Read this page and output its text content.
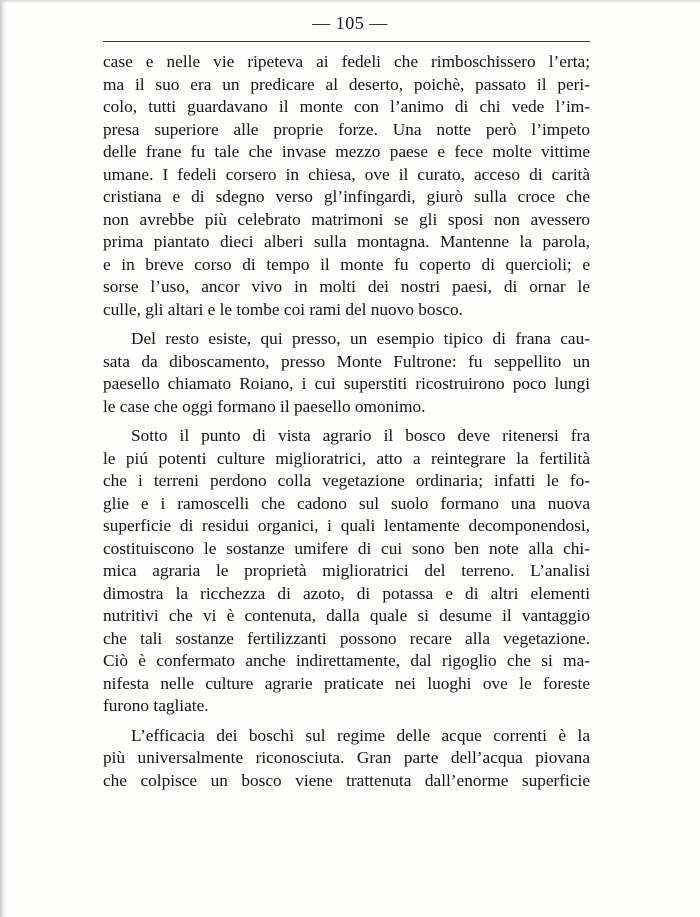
— 105 —
case e nelle vie ripeteva ai fedeli che rimboschissero l’erta;
ma il suo era un predicare al deserto, poichè, passato il peri-
colo, tutti guardavano il monte con l’animo di chi vede l’im-
presa superiore alle proprie forze. Una notte però l’impeto
delle frane fu tale che invase mezzo paese e fece molte vittime
umane. I fedeli corsero in chiesa, ove il curato, acceso di carità
cristiana e di sdegno verso gl’infingardi, giurò sulla croce che
non avrebbe più celebrato matrimoni se gli sposi non avessero
prima piantato dieci alberi sulla montagna. Mantenne la parola,
e in breve corso di tempo il monte fu coperto di quercioli; e
sorse l’uso, ancor vivo in molti dei nostri paesi, di ornar le
culle, gli altari e le tombe coi rami del nuovo bosco.
Del resto esiste, qui presso, un esempio tipico di frana cau-
sata da diboscamento, presso Monte Fultrone: fu seppellito un
paesello chiamato Roiano, i cui superstiti ricostruirono poco lungi
le case che oggi formano il paesello omonimo.
Sotto il punto di vista agrario il bosco deve ritenersi fra
le piú potenti culture miglioratrici, atto a reintegrare la fertilità
che i terreni perdono colla vegetazione ordinaria; infatti le fo-
glie e i ramoscelli che cadono sul suolo formano una nuova
superficie di residui organici, i quali lentamente decomponendosi,
costituiscono le sostanze umifere di cui sono ben note alla chi-
mica agraria le proprietà miglioratrici del terreno. L’analisi
dimostra la ricchezza di azoto, di potassa e di altri elementi
nutritivi che vi è contenuta, dalla quale si desume il vantaggio
che tali sostanze fertilizzanti possono recare alla vegetazione.
Ciò è confermato anche indirettamente, dal rigoglio che si ma-
nifesta nelle culture agrarie praticate nei luoghi ove le foreste
furono tagliate.
L’efficacia dei boschi sul regime delle acque correnti è la
più universalmente riconosciuta. Gran parte dell’acqua piovana
che colpisce un bosco viene trattenuta dall’enorme superficie
